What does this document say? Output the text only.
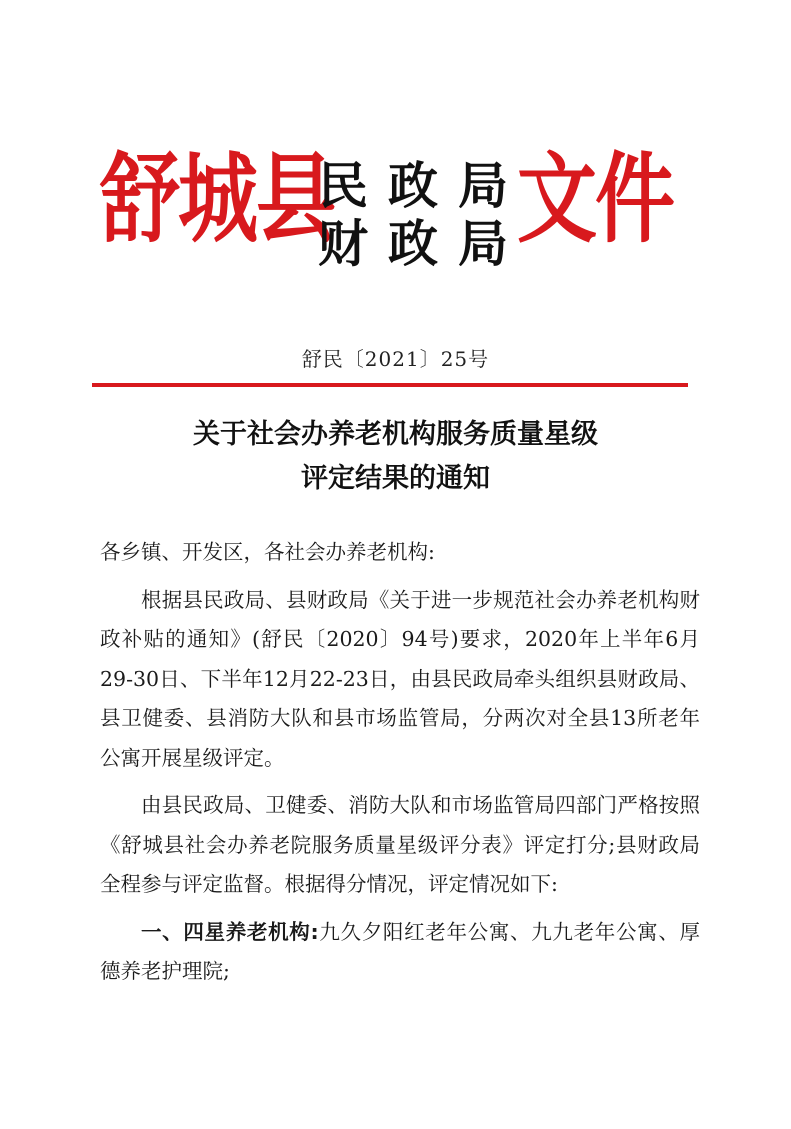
舒城县
民政局
财政局
文件
舒民〔2021〕25号
关于社会办养老机构服务质量星级
评定结果的通知

各乡镇、开发区，各社会办养老机构:

根据县民政局、县财政局《关于进一步规范社会办养老机构财政补贴的通知》(舒民〔2020〕94号)要求，2020年上半年6月29-30日、下半年12月22-23日，由县民政局牵头组织县财政局、县卫健委、县消防大队和县市场监管局，分两次对全县13所老年公寓开展星级评定。

由县民政局、卫健委、消防大队和市场监管局四部门严格按照《舒城县社会办养老院服务质量星级评分表》评定打分;县财政局全程参与评定监督。根据得分情况，评定情况如下:

一、四星养老机构:九久夕阳红老年公寓、九九老年公寓、厚德养老护理院;
